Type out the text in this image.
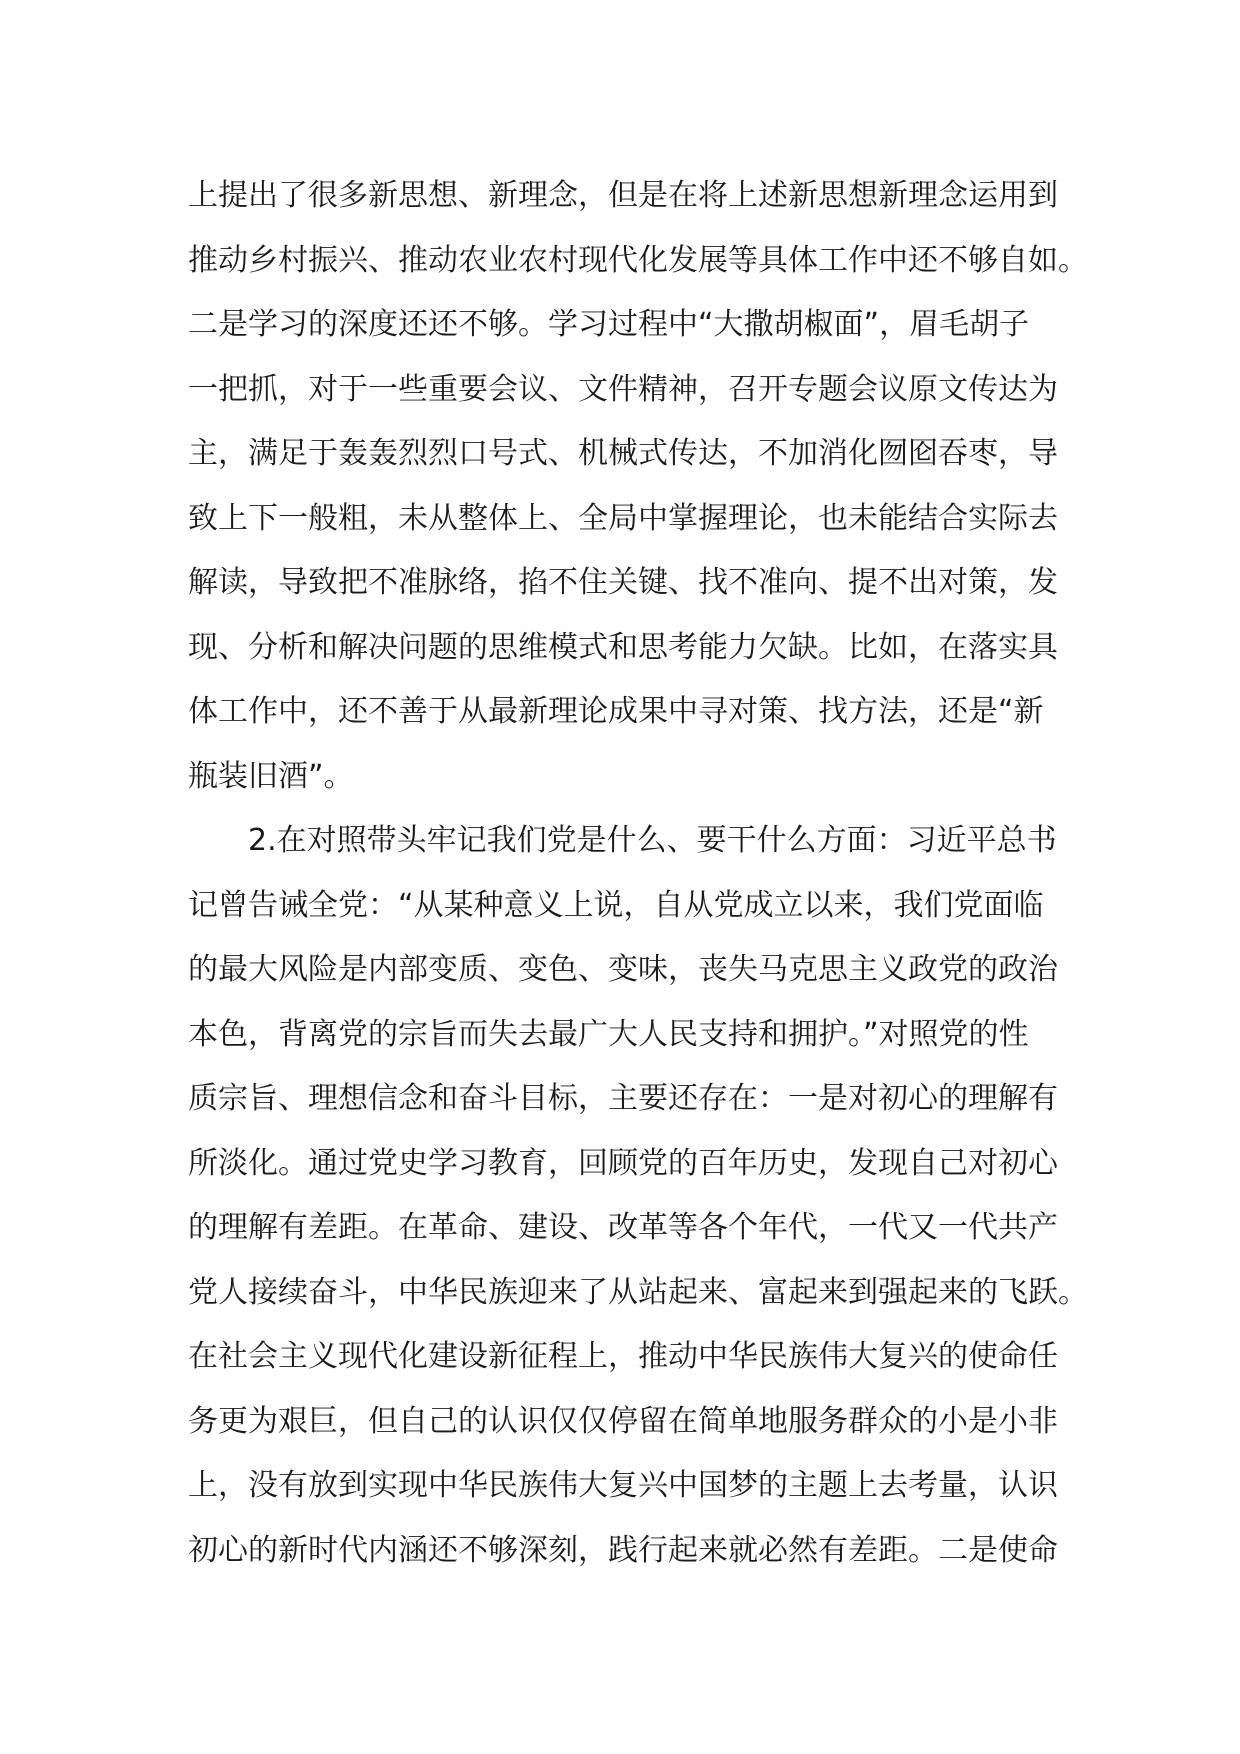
上提出了很多新思想、新理念，但是在将上述新思想新理念运用到
推动乡村振兴、推动农业农村现代化发展等具体工作中还不够自如。
二是学习的深度还还不够。学习过程中“大撒胡椒面”，眉毛胡子
一把抓，对于一些重要会议、文件精神，召开专题会议原文传达为
主，满足于轰轰烈烈口号式、机械式传达，不加消化囫囵吞枣，导
致上下一般粗，未从整体上、全局中掌握理论，也未能结合实际去
解读，导致把不准脉络，掐不住关键、找不准向、提不出对策，发
现、分析和解决问题的思维模式和思考能力欠缺。比如，在落实具
体工作中，还不善于从最新理论成果中寻对策、找方法，还是“新
瓶装旧酒”。
2.在对照带头牢记我们党是什么、要干什么方面：习近平总书
记曾告诫全党：“从某种意义上说，自从党成立以来，我们党面临
的最大风险是内部变质、变色、变味，丧失马克思主义政党的政治
本色，背离党的宗旨而失去最广大人民支持和拥护。”对照党的性
质宗旨、理想信念和奋斗目标，主要还存在：一是对初心的理解有
所淡化。通过党史学习教育，回顾党的百年历史，发现自己对初心
的理解有差距。在革命、建设、改革等各个年代，一代又一代共产
党人接续奋斗，中华民族迎来了从站起来、富起来到强起来的飞跃。
在社会主义现代化建设新征程上，推动中华民族伟大复兴的使命任
务更为艰巨，但自己的认识仅仅停留在简单地服务群众的小是小非
上，没有放到实现中华民族伟大复兴中国梦的主题上去考量，认识
初心的新时代内涵还不够深刻，践行起来就必然有差距。二是使命
